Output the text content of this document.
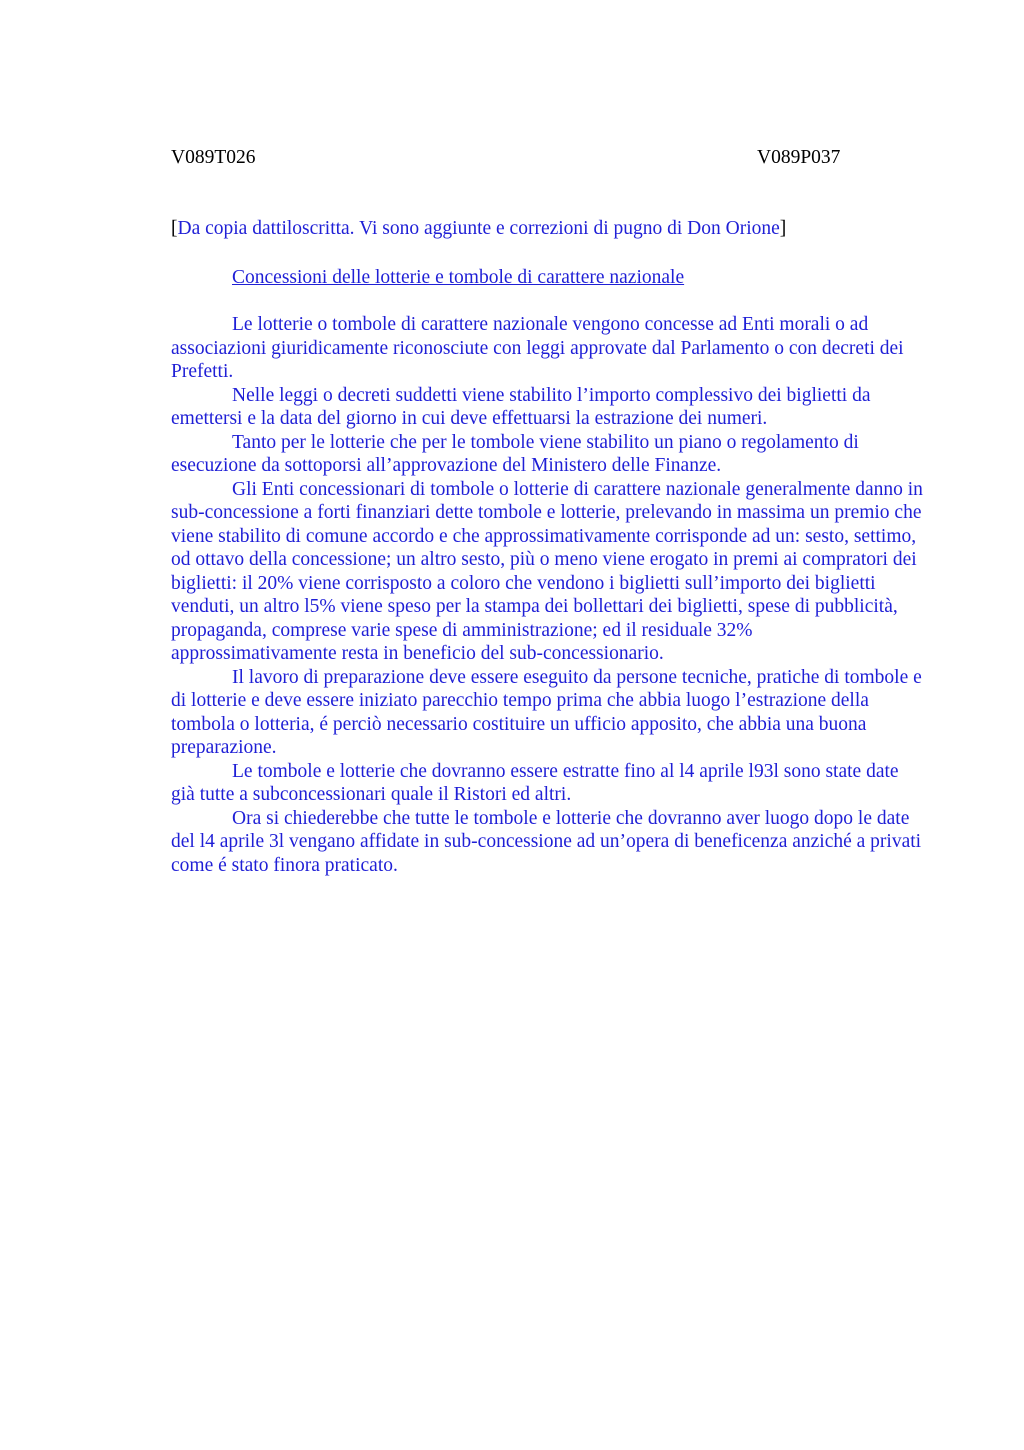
V089T026	V089P037
[Da copia dattiloscritta. Vi sono aggiunte e correzioni di pugno di Don Orione]
Concessioni delle lotterie e tombole di carattere nazionale

Le lotterie o tombole di carattere nazionale vengono concesse ad Enti morali o ad associazioni giuridicamente riconosciute con leggi approvate dal Parlamento o con decreti dei Prefetti.

Nelle leggi o decreti suddetti viene stabilito l’importo complessivo dei biglietti da emettersi e la data del giorno in cui deve effettuarsi la estrazione dei numeri.

Tanto per le lotterie che per le tombole viene stabilito un piano o regolamento di esecuzione da sottoporsi all’approvazione del Ministero delle Finanze.

Gli Enti concessionari di tombole o lotterie di carattere nazionale generalmente danno in sub-concessione a forti finanziari dette tombole e lotterie, prelevando in massima un premio che viene stabilito di comune accordo e che approssimativamente corrisponde ad un: sesto, settimo, od ottavo della concessione; un altro sesto, più o meno viene erogato in premi ai compratori dei biglietti: il 20% viene corrisposto a coloro che vendono i biglietti sull’importo dei biglietti venduti, un altro l5% viene speso per la stampa dei bollettari dei biglietti, spese di pubblicità, propaganda, comprese varie spese di amministrazione; ed il residuale 32% approssimativamente resta in beneficio del sub-concessionario.

Il lavoro di preparazione deve essere eseguito da persone tecniche, pratiche di tombole e di lotterie e deve essere iniziato parecchio tempo prima che abbia luogo l’estrazione della tombola o lotteria, é perciò necessario costituire un ufficio apposito, che abbia una buona preparazione.

Le tombole e lotterie che dovranno essere estratte fino al l4 aprile l93l sono state date già tutte a subconcessionari quale il Ristori ed altri.

Ora si chiederebbe che tutte le tombole e lotterie che dovranno aver luogo dopo le date del l4 aprile 3l vengano affidate in sub-concessione ad un’opera di beneficenza anziché a privati come é stato finora praticato.
